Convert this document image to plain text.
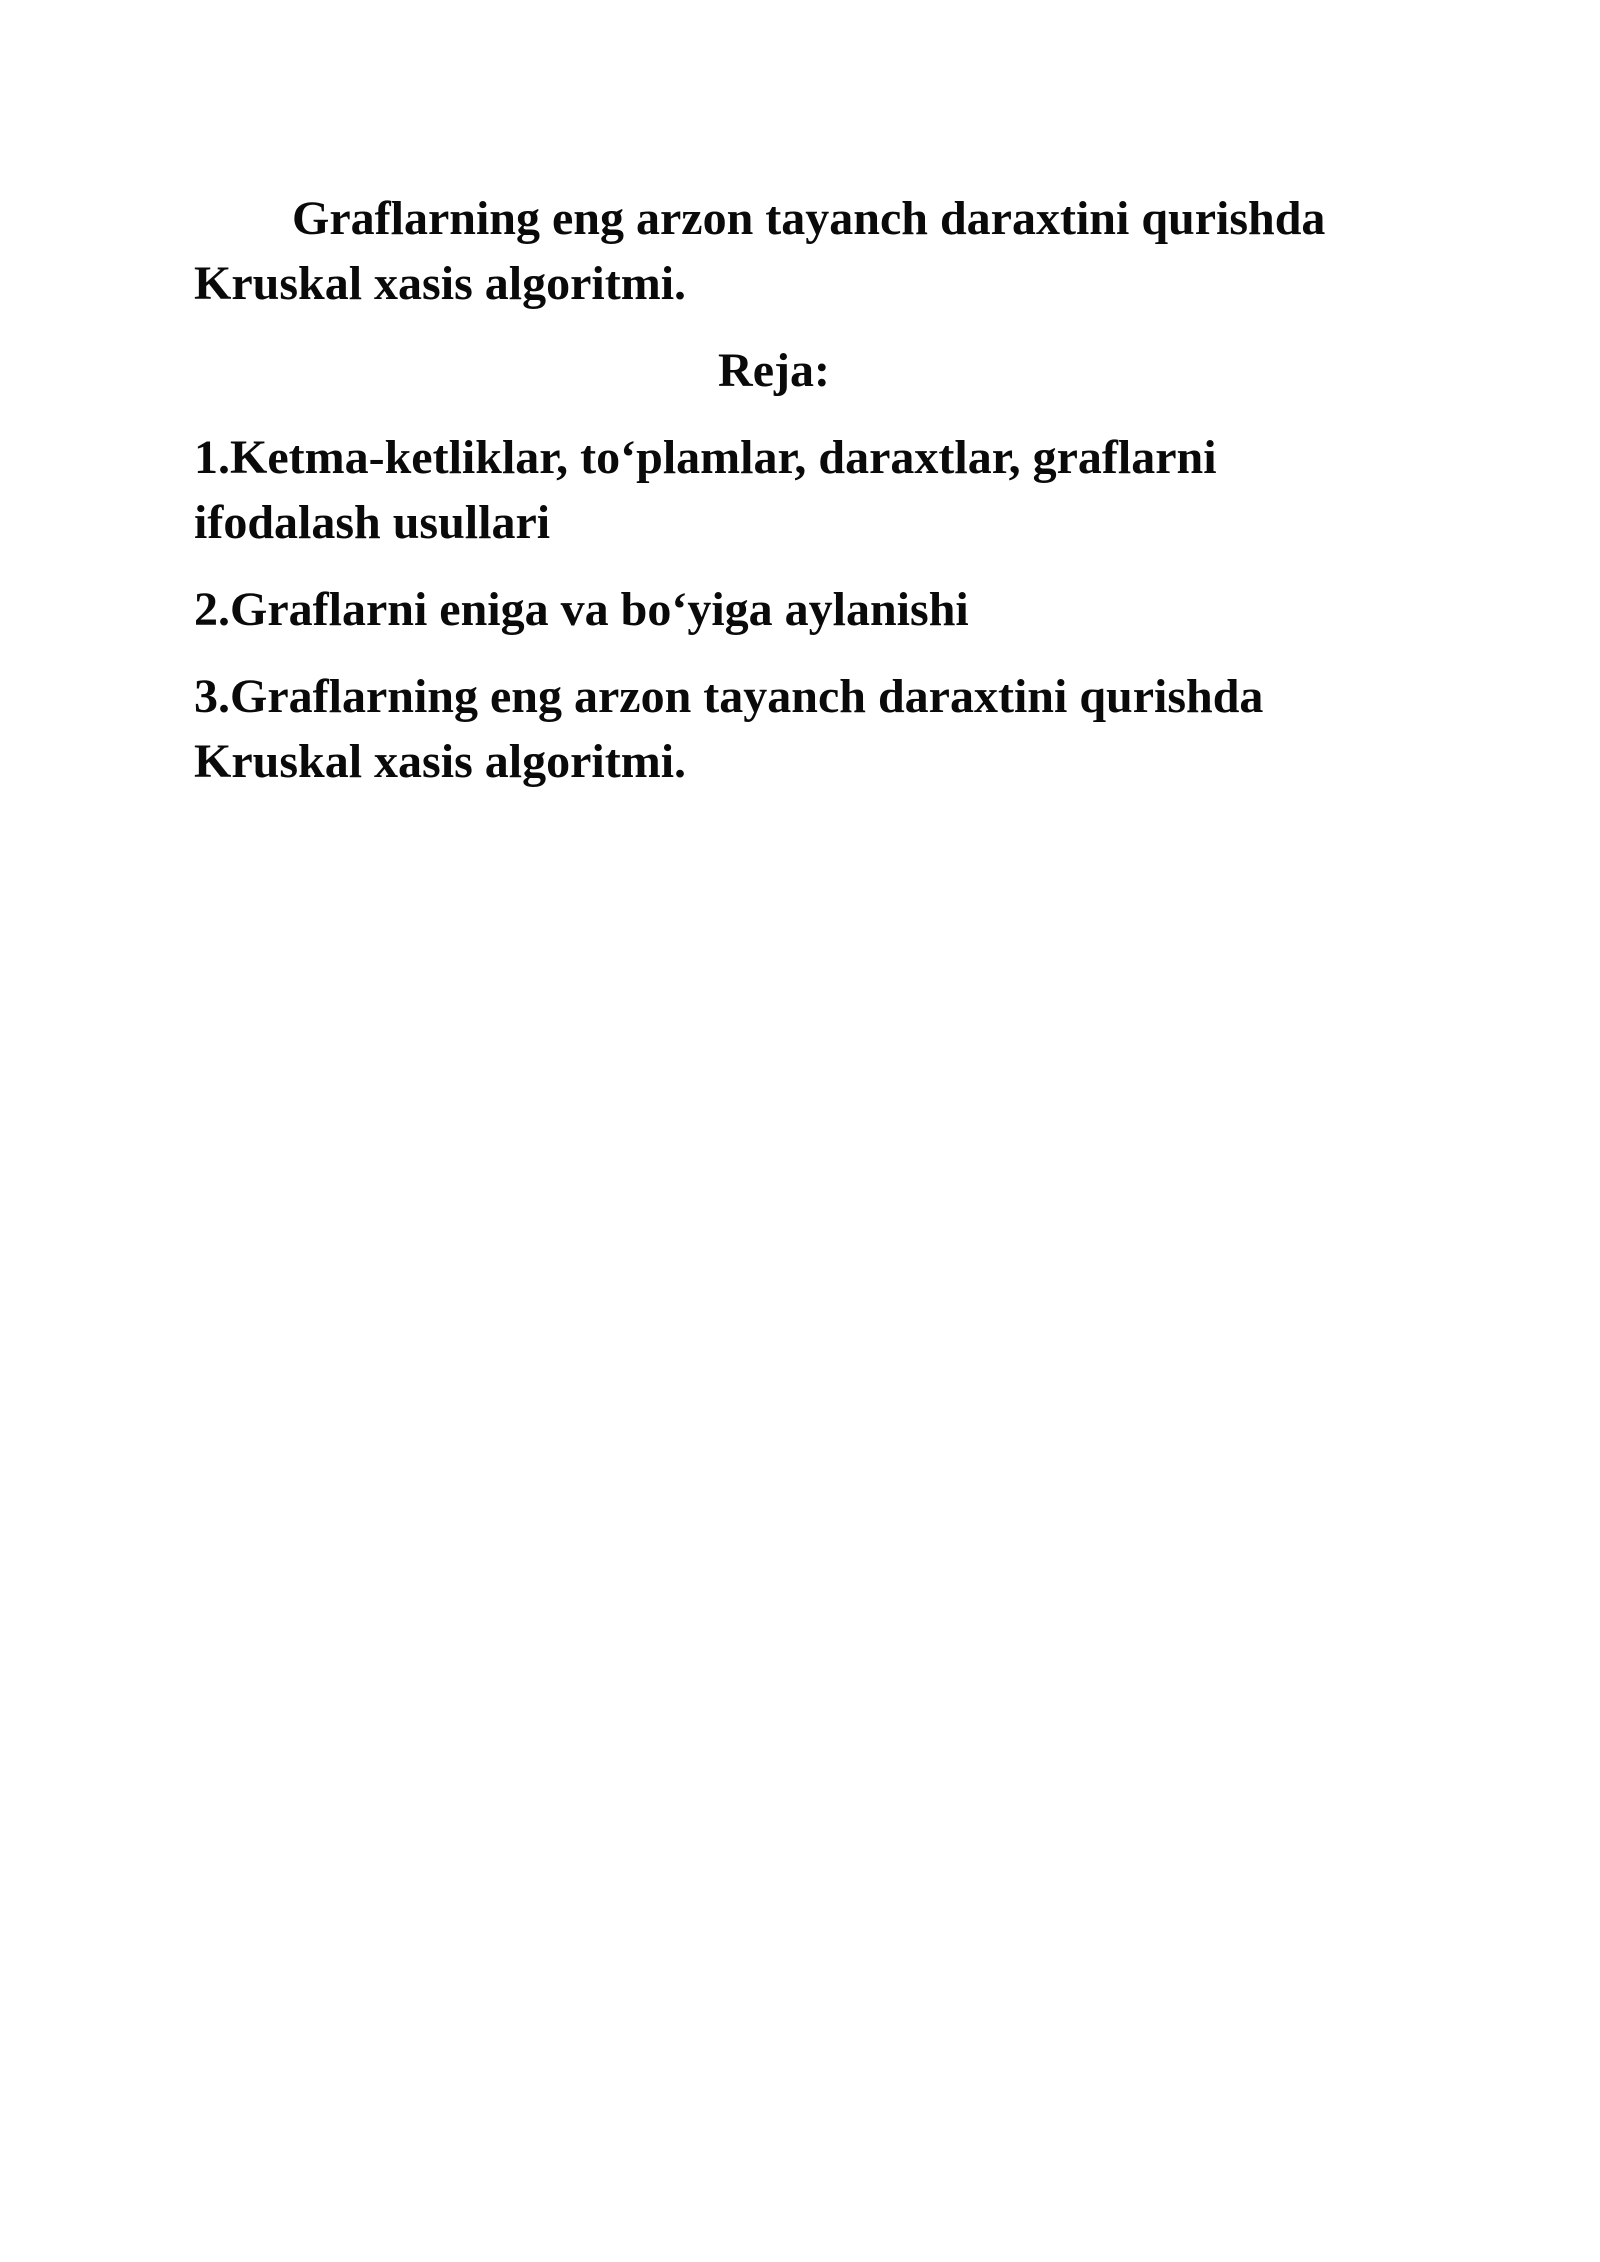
Graflarning eng arzon tayanch daraxtini qurishda Kruskal xasis algoritmi.

Reja:

1.Ketma-ketliklar, to‘plamlar, daraxtlar, graflarni ifodalash usullari
2.Graflarni eniga va bo‘yiga aylanishi
3.Graflarning eng arzon tayanch daraxtini qurishda Kruskal xasis algoritmi.
